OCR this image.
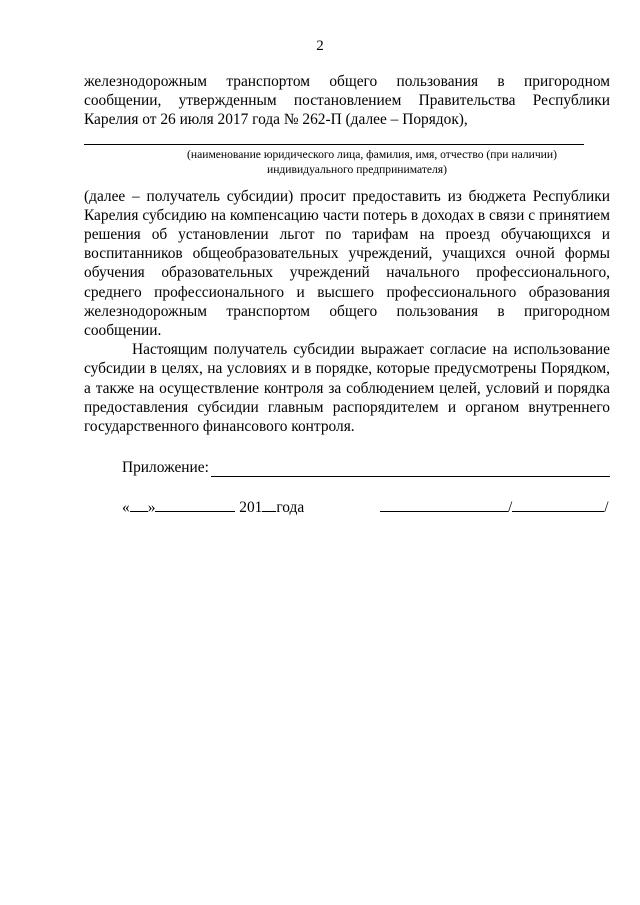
2

железнодорожным транспортом общего пользования в пригородном сообщении, утвержденным постановлением Правительства Республики Карелия от 26 июля 2017 года № 262-П (далее – Порядок),

(наименование юридического лица, фамилия, имя, отчество (при наличии)
индивидуального предпринимателя)

(далее – получатель субсидии) просит предоставить из бюджета Республики Карелия субсидию на компенсацию части потерь в доходах в связи с принятием решения об установлении льгот по тарифам на проезд обучающихся и воспитанников общеобразовательных учреждений, учащихся очной формы обучения образовательных учреждений начального профессионального, среднего профессионального и высшего профессионального образования железнодорожным транспортом общего пользования в пригородном сообщении.

Настоящим получатель субсидии выражает согласие на использование субсидии в целях, на условиях и в порядке, которые предусмотрены Порядком, а также на осуществление контроля за соблюдением целей, условий и порядка предоставления субсидии главным распорядителем и органом внутреннего государственного финансового контроля.

Приложение:
« »	201 года	/	/
